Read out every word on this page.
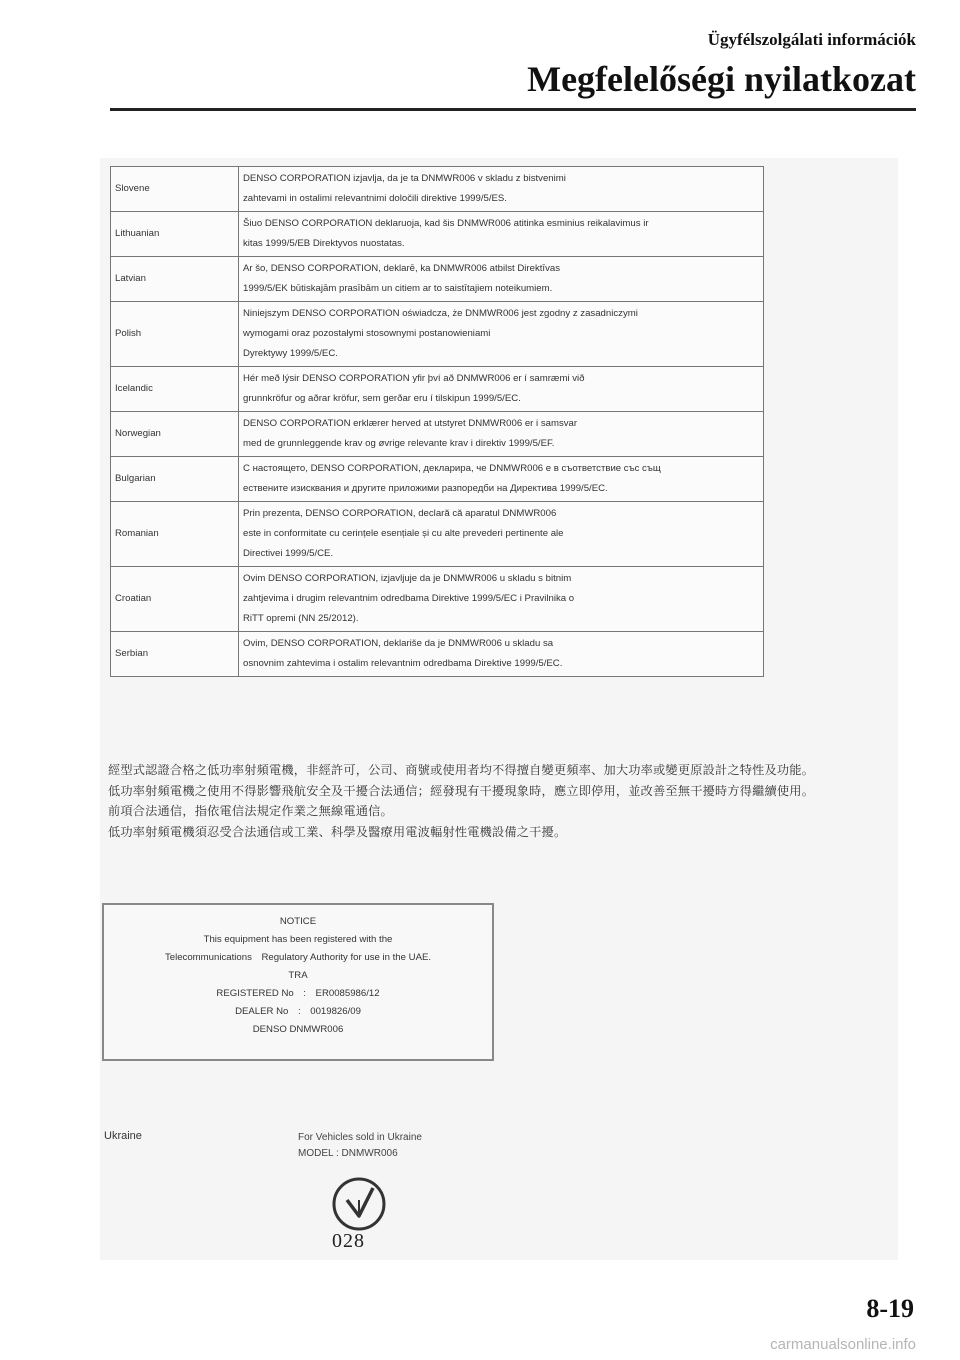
Ügyfélszolgálati információk
Megfelelőségi nyilatkozat
Slovene	DENSO CORPORATION izjavlja, da je ta DNMWR006 v skladu z bistvenimi
zahtevami in ostalimi relevantnimi določili direktive 1999/5/ES.

Lithuanian	Šiuo DENSO CORPORATION deklaruoja, kad šis DNMWR006 atitinka esminius reikalavimus ir
kitas 1999/5/EB Direktyvos nuostatas.

Latvian	Ar šo, DENSO CORPORATION, deklarē, ka DNMWR006 atbilst Direktīvas
1999/5/EK būtiskajām prasībām un citiem ar to saistītajiem noteikumiem.

Polish	Niniejszym DENSO CORPORATION oświadcza, że DNMWR006 jest zgodny z zasadniczymi
wymogami oraz pozostałymi stosownymi postanowieniami
Dyrektywy 1999/5/EC.

Icelandic	Hér með lýsir DENSO CORPORATION yfir því að DNMWR006 er í samræmi við
grunnkröfur og aðrar kröfur, sem gerðar eru í tilskipun 1999/5/EC.

Norwegian	DENSO CORPORATION erklærer herved at utstyret DNMWR006 er i samsvar
med de grunnleggende krav og øvrige relevante krav i direktiv 1999/5/EF.

Bulgarian	С настоящето, DENSO CORPORATION, декларира, че DNMWR006 е в съответствие със същ
ествените изисквания и другите приложими разпоредби на Директива 1999/5/ЕС.

Romanian	Prin prezenta, DENSO CORPORATION, declară că aparatul DNMWR006
este in conformitate cu cerințele esențiale și cu alte prevederi pertinente ale
Directivei 1999/5/CE.

Croatian	Ovim DENSO CORPORATION, izjavljuje da je DNMWR006 u skladu s bitnim
zahtjevima i drugim relevantnim odredbama Direktive 1999/5/EC i Pravilnika o
RiTT opremi (NN 25/2012).

Serbian	Ovim, DENSO CORPORATION, deklariše da je DNMWR006 u skladu sa
osnovnim zahtevima i ostalim relevantnim odredbama Direktive 1999/5/EC.
經型式認證合格之低功率射頻電機，非經許可，公司、商號或使用者均不得擅自變更頻率、加大功率或變更原設計之特性及功能。
低功率射頻電機之使用不得影響飛航安全及干擾合法通信；經發現有干擾現象時，應立即停用，並改善至無干擾時方得繼續使用。
前項合法通信，指依電信法規定作業之無線電通信。
低功率射頻電機須忍受合法通信或工業、科學及醫療用電波輻射性電機設備之干擾。
NOTICE
This equipment has been registered with the
Telecommunications　Regulatory Authority for use in the UAE.
TRA
REGISTERED No　:　ER0085986/12
DEALER No　:　0019826/09
DENSO DNMWR006
Ukraine	For Vehicles sold in Ukraine
MODEL : DNMWR006
028
8-19
carmanualsonline.info
